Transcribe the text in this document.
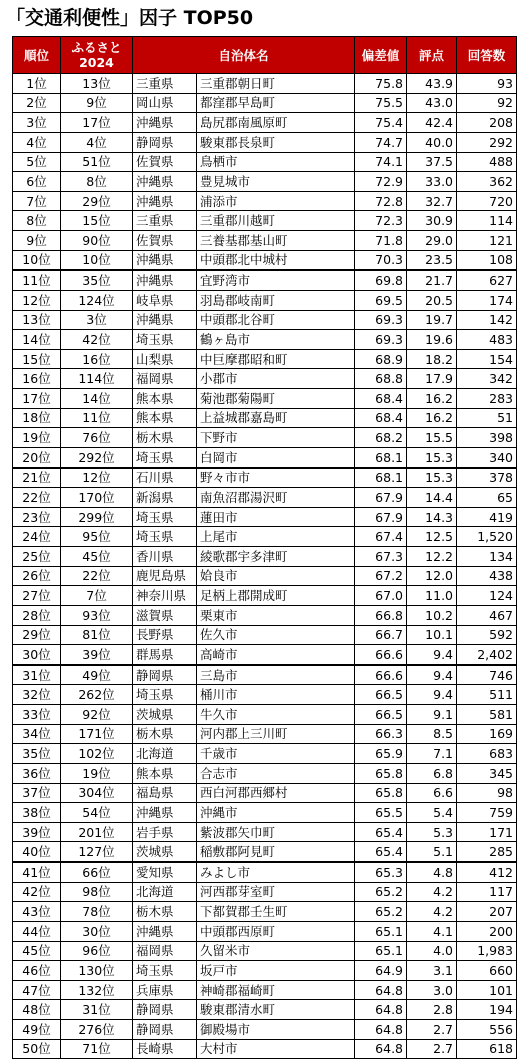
「交通利便性」因子 TOP50
順位	ふるさと
2024	自治体名		偏差値	評点	回答数
1位	13位	三重県	三重郡朝日町	75.8	43.9	93
2位	9位	岡山県	都窪郡早島町	75.5	43.0	92
3位	17位	沖縄県	島尻郡南風原町	75.4	42.4	208
4位	4位	静岡県	駿東郡長泉町	74.7	40.0	292
5位	51位	佐賀県	鳥栖市	74.1	37.5	488
6位	8位	沖縄県	豊見城市	72.9	33.0	362
7位	29位	沖縄県	浦添市	72.8	32.7	720
8位	15位	三重県	三重郡川越町	72.3	30.9	114
9位	90位	佐賀県	三養基郡基山町	71.8	29.0	121
10位	10位	沖縄県	中頭郡北中城村	70.3	23.5	108
11位	35位	沖縄県	宜野湾市	69.8	21.7	627
12位	124位	岐阜県	羽島郡岐南町	69.5	20.5	174
13位	3位	沖縄県	中頭郡北谷町	69.3	19.7	142
14位	42位	埼玉県	鶴ヶ島市	69.3	19.6	483
15位	16位	山梨県	中巨摩郡昭和町	68.9	18.2	154
16位	114位	福岡県	小郡市	68.8	17.9	342
17位	14位	熊本県	菊池郡菊陽町	68.4	16.2	283
18位	11位	熊本県	上益城郡嘉島町	68.4	16.2	51
19位	76位	栃木県	下野市	68.2	15.5	398
20位	292位	埼玉県	白岡市	68.1	15.3	340
21位	12位	石川県	野々市市	68.1	15.3	378
22位	170位	新潟県	南魚沼郡湯沢町	67.9	14.4	65
23位	299位	埼玉県	蓮田市	67.9	14.3	419
24位	95位	埼玉県	上尾市	67.4	12.5	1,520
25位	45位	香川県	綾歌郡宇多津町	67.3	12.2	134
26位	22位	鹿児島県	姶良市	67.2	12.0	438
27位	7位	神奈川県	足柄上郡開成町	67.0	11.0	124
28位	93位	滋賀県	栗東市	66.8	10.2	467
29位	81位	長野県	佐久市	66.7	10.1	592
30位	39位	群馬県	高崎市	66.6	9.4	2,402
31位	49位	静岡県	三島市	66.6	9.4	746
32位	262位	埼玉県	桶川市	66.5	9.4	511
33位	92位	茨城県	牛久市	66.5	9.1	581
34位	171位	栃木県	河内郡上三川町	66.3	8.5	169
35位	102位	北海道	千歳市	65.9	7.1	683
36位	19位	熊本県	合志市	65.8	6.8	345
37位	304位	福島県	西白河郡西郷村	65.8	6.6	98
38位	54位	沖縄県	沖縄市	65.5	5.4	759
39位	201位	岩手県	紫波郡矢巾町	65.4	5.3	171
40位	127位	茨城県	稲敷郡阿見町	65.4	5.1	285
41位	66位	愛知県	みよし市	65.3	4.8	412
42位	98位	北海道	河西郡芽室町	65.2	4.2	117
43位	78位	栃木県	下都賀郡壬生町	65.2	4.2	207
44位	30位	沖縄県	中頭郡西原町	65.1	4.1	200
45位	96位	福岡県	久留米市	65.1	4.0	1,983
46位	130位	埼玉県	坂戸市	64.9	3.1	660
47位	132位	兵庫県	神崎郡福崎町	64.8	3.0	101
48位	31位	静岡県	駿東郡清水町	64.8	2.8	194
49位	276位	静岡県	御殿場市	64.8	2.7	556
50位	71位	長崎県	大村市	64.8	2.7	618
